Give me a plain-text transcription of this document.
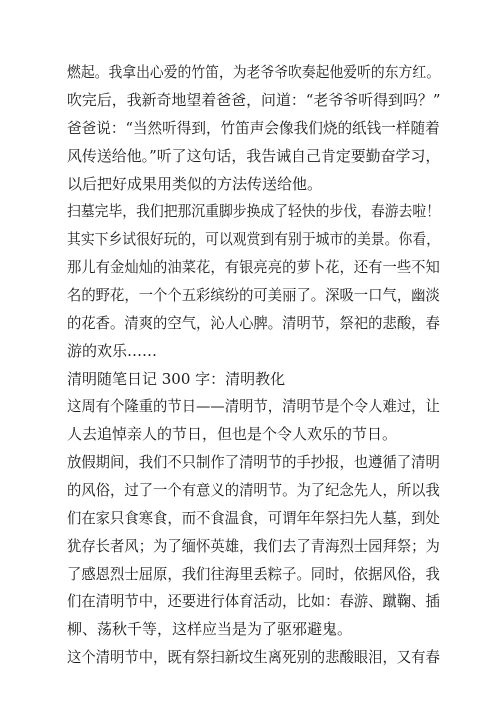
燃起。我拿出心爱的竹笛，为老爷爷吹奏起他爱听的东方红。
吹完后，我新奇地望着爸爸，问道：“老爷爷听得到吗？”
爸爸说：“当然听得到，竹笛声会像我们烧的纸钱一样随着
风传送给他。”听了这句话，我告诫自己肯定要勤奋学习，
以后把好成果用类似的方法传送给他。
扫墓完毕，我们把那沉重脚步换成了轻快的步伐，春游去啦！
其实下乡试很好玩的，可以观赏到有别于城市的美景。你看，
那儿有金灿灿的油菜花，有银亮亮的萝卜花，还有一些不知
名的野花，一个个五彩缤纷的可美丽了。深吸一口气，幽淡
的花香。清爽的空气，沁人心脾。清明节，祭祀的悲酸，春
游的欢乐……
清明随笔日记 300 字：清明教化
这周有个隆重的节日——清明节，清明节是个令人难过，让
人去追悼亲人的节日，但也是个令人欢乐的节日。
放假期间，我们不只制作了清明节的手抄报，也遵循了清明
的风俗，过了一个有意义的清明节。为了纪念先人，所以我
们在家只食寒食，而不食温食，可谓年年祭扫先人墓，到处
犹存长者风；为了缅怀英雄，我们去了青海烈士园拜祭；为
了感恩烈士屈原，我们往海里丢粽子。同时，依据风俗，我
们在清明节中，还要进行体育活动，比如：春游、蹴鞠、插
柳、荡秋千等，这样应当是为了驱邪避鬼。
这个清明节中，既有祭扫新坟生离死别的悲酸眼泪，又有春
